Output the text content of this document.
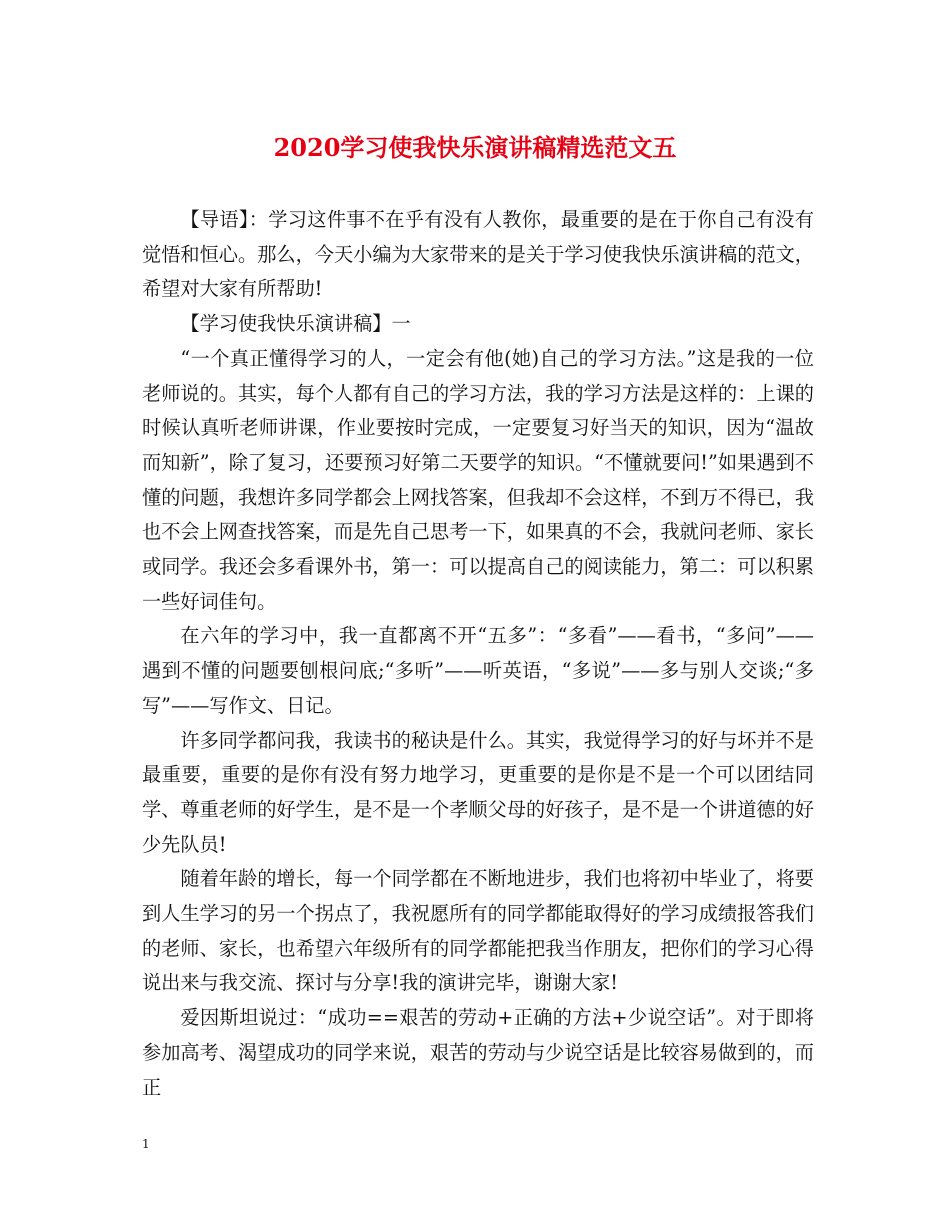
2020学习使我快乐演讲稿精选范文五

【导语】：学习这件事不在乎有没有人教你，最重要的是在于你自己有没有觉悟和恒心。那么，今天小编为大家带来的是关于学习使我快乐演讲稿的范文，希望对大家有所帮助!

【学习使我快乐演讲稿】一

“一个真正懂得学习的人，一定会有他(她)自己的学习方法。”这是我的一位老师说的。其实，每个人都有自己的学习方法，我的学习方法是这样的：上课的时候认真听老师讲课，作业要按时完成，一定要复习好当天的知识，因为“温故而知新”，除了复习，还要预习好第二天要学的知识。“不懂就要问!”如果遇到不懂的问题，我想许多同学都会上网找答案，但我却不会这样，不到万不得已，我也不会上网查找答案，而是先自己思考一下，如果真的不会，我就问老师、家长或同学。我还会多看课外书，第一：可以提高自己的阅读能力，第二：可以积累一些好词佳句。

在六年的学习中，我一直都离不开“五多”：“多看”——看书，“多问”——遇到不懂的问题要刨根问底;“多听”——听英语，“多说”——多与别人交谈;“多写”——写作文、日记。

许多同学都问我，我读书的秘诀是什么。其实，我觉得学习的好与坏并不是最重要，重要的是你有没有努力地学习，更重要的是你是不是一个可以团结同学、尊重老师的好学生，是不是一个孝顺父母的好孩子，是不是一个讲道德的好少先队员!

随着年龄的增长，每一个同学都在不断地进步，我们也将初中毕业了，将要到人生学习的另一个拐点了，我祝愿所有的同学都能取得好的学习成绩报答我们的老师、家长，也希望六年级所有的同学都能把我当作朋友，把你们的学习心得说出来与我交流、探讨与分享!我的演讲完毕，谢谢大家!

爱因斯坦说过：“成功==艰苦的劳动+正确的方法+少说空话”。对于即将参加高考、渴望成功的同学来说，艰苦的劳动与少说空话是比较容易做到的，而正

1
